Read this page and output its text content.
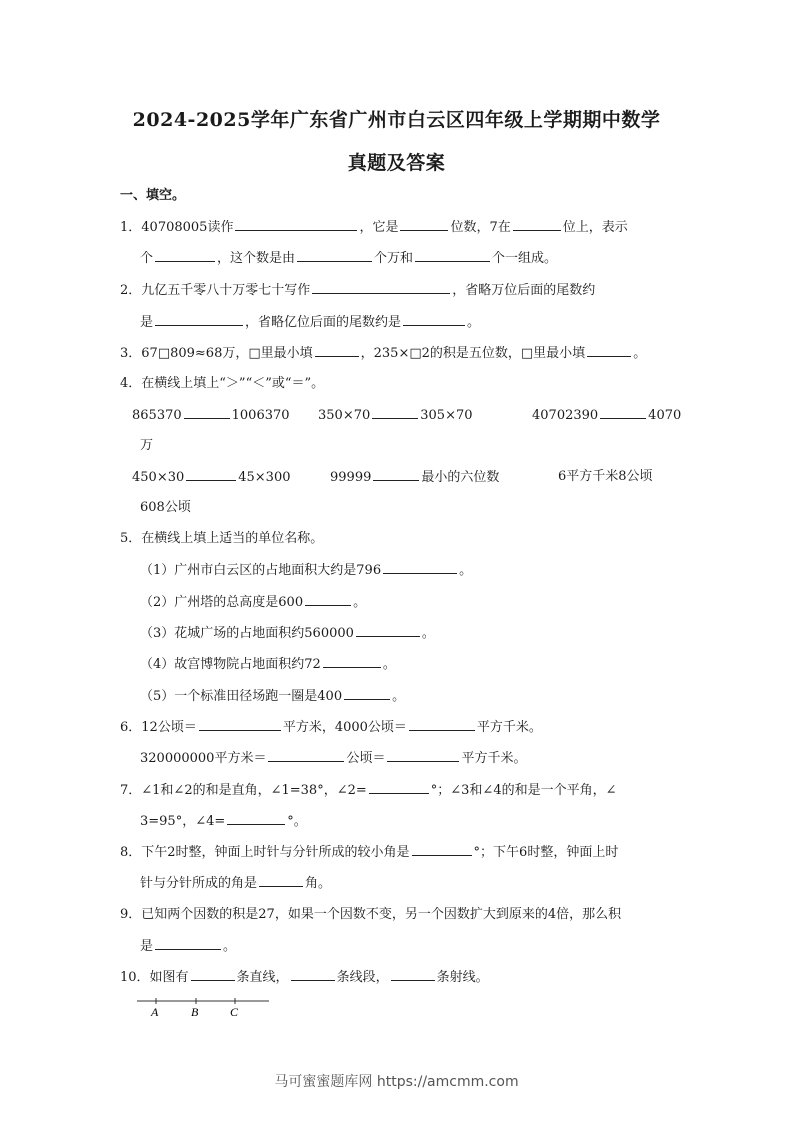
2024-2025学年广东省广州市白云区四年级上学期期中数学
真题及答案
一、填空。
1．40708005读作	，它是	位数，7在	位上，表示
个	，这个数是由	个万和	个一组成。
2．九亿五千零八十万零七十写作	，省略万位后面的尾数约
是	，省略亿位后面的尾数约是	。
3．67□809≈68万，□里最小填	，235×□2的积是五位数，□里最小填	。
4．在横线上填上“＞”“＜”或“＝”。
865370	1006370 350×70	305×70	40702390	4070
万
450×30	45×300	99999	最小的六位数	6平方千米8公顷
608公顷
5．在横线上填上适当的单位名称。
（1）广州市白云区的占地面积大约是796	。
（2）广州塔的总高度是600	。
（3）花城广场的占地面积约560000	。
（4）故宫博物院占地面积约72	。
（5）一个标准田径场跑一圈是400	。
6．12公顷＝	平方米，4000公顷＝	平方千米。
320000000平方米＝	公顷＝	平方千米。
7．∠1和∠2的和是直角，∠1=38°，∠2=	°；∠3和∠4的和是一个平角，∠
3=95°，∠4=	°。
8．下午2时整，钟面上时针与分针所成的较小角是	°；下午6时整，钟面上时
针与分针所成的角是	角。
9．已知两个因数的积是27，如果一个因数不变，另一个因数扩大到原来的4倍，那么积
是	。
10．如图有	条直线，	条线段，	条射线。
A	B	C
马可蜜蜜题库网 https://amcmm.com
